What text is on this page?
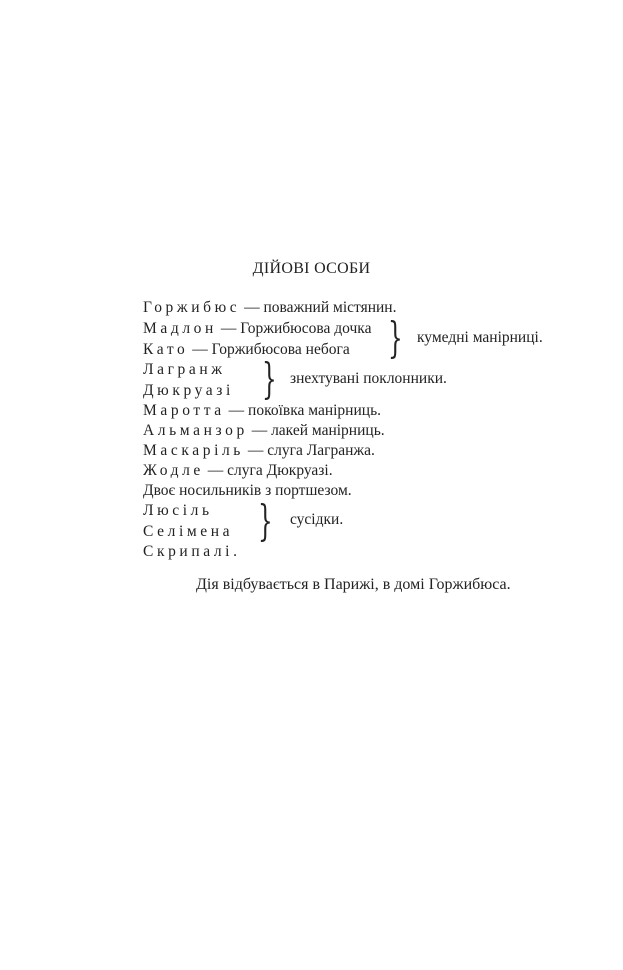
ДІЙОВІ ОСОБИ
Горжибюс — поважний містянин.
Мадлон — Горжибюсова дочка
Като — Горжибюсова небога
Лагранж
Дюкруазі
Маротта — покоївка манірниць.
Альманзор — лакей манірниць.
Маскаріль — слуга Лагранжа.
Жодле — слуга Дюкруазі.
Двоє носильників з портшезом.
Люсіль
Селімена
Скрипалі.
} кумедні манірниці.
} знехтувані поклонники.
} сусідки.
Дія відбувається в Парижі, в домі Горжибюса.
